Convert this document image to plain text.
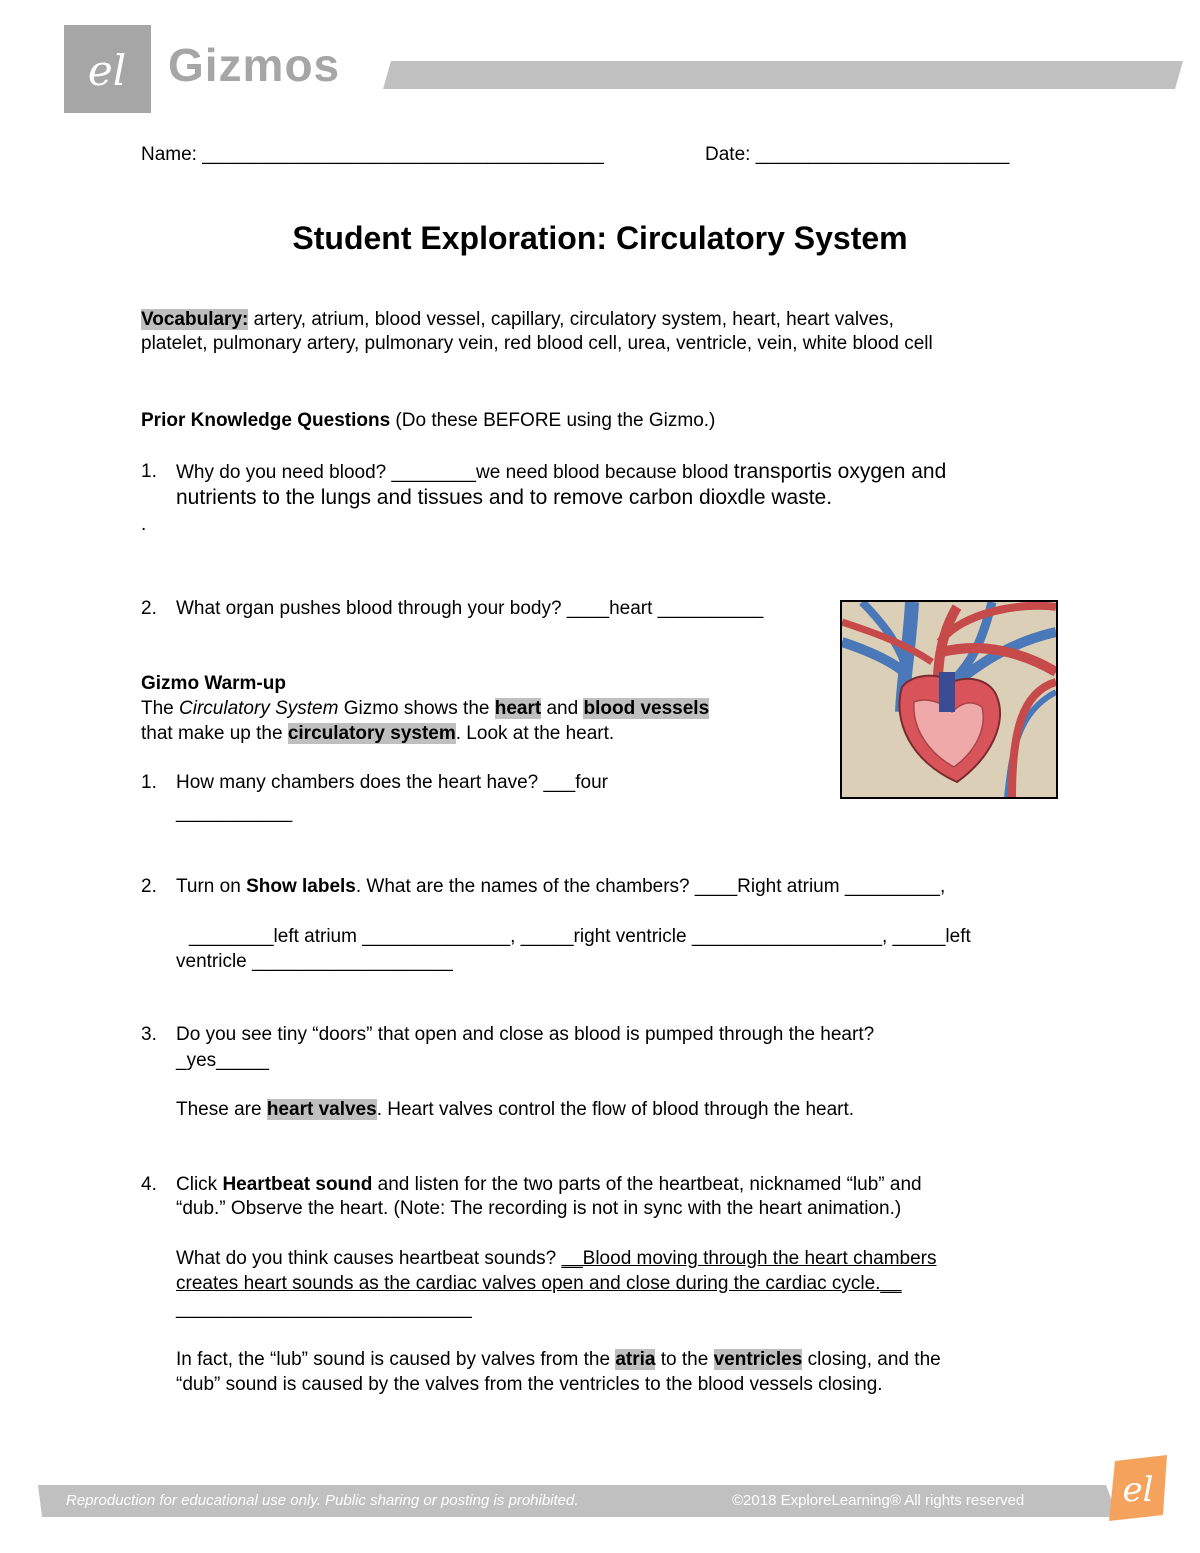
el Gizmos
Name: ______________________________________	Date: ________________________
Student Exploration: Circulatory System
Vocabulary: artery, atrium, blood vessel, capillary, circulatory system, heart, heart valves,
platelet, pulmonary artery, pulmonary vein, red blood cell, urea, ventricle, vein, white blood cell
Prior Knowledge Questions (Do these BEFORE using the Gizmo.)
1. Why do you need blood? ________we need blood because blood transportis oxygen and
nutrients to the lungs and tissues and to remove carbon dioxdle waste.
.
2. What organ pushes blood through your body? ____heart __________
Gizmo Warm-up
The Circulatory System Gizmo shows the heart and blood vessels
that make up the circulatory system. Look at the heart.
1. How many chambers does the heart have? ___four
___________
2. Turn on Show labels. What are the names of the chambers? ____Right atrium _________,
________left atrium ______________, _____right ventricle __________________, _____left
ventricle ___________________
3. Do you see tiny “doors” that open and close as blood is pumped through the heart?
_yes_____
These are heart valves. Heart valves control the flow of blood through the heart.
4. Click Heartbeat sound and listen for the two parts of the heartbeat, nicknamed “lub” and
“dub.” Observe the heart. (Note: The recording is not in sync with the heart animation.)
What do you think causes heartbeat sounds? __Blood moving through the heart chambers
creates heart sounds as the cardiac valves open and close during the cardiac cycle.__
____________________________
In fact, the “lub” sound is caused by valves from the atria to the ventricles closing, and the
“dub” sound is caused by the valves from the ventricles to the blood vessels closing.
Reproduction for educational use only. Public sharing or posting is prohibited.	©2018 ExploreLearning® All rights reserved	el
